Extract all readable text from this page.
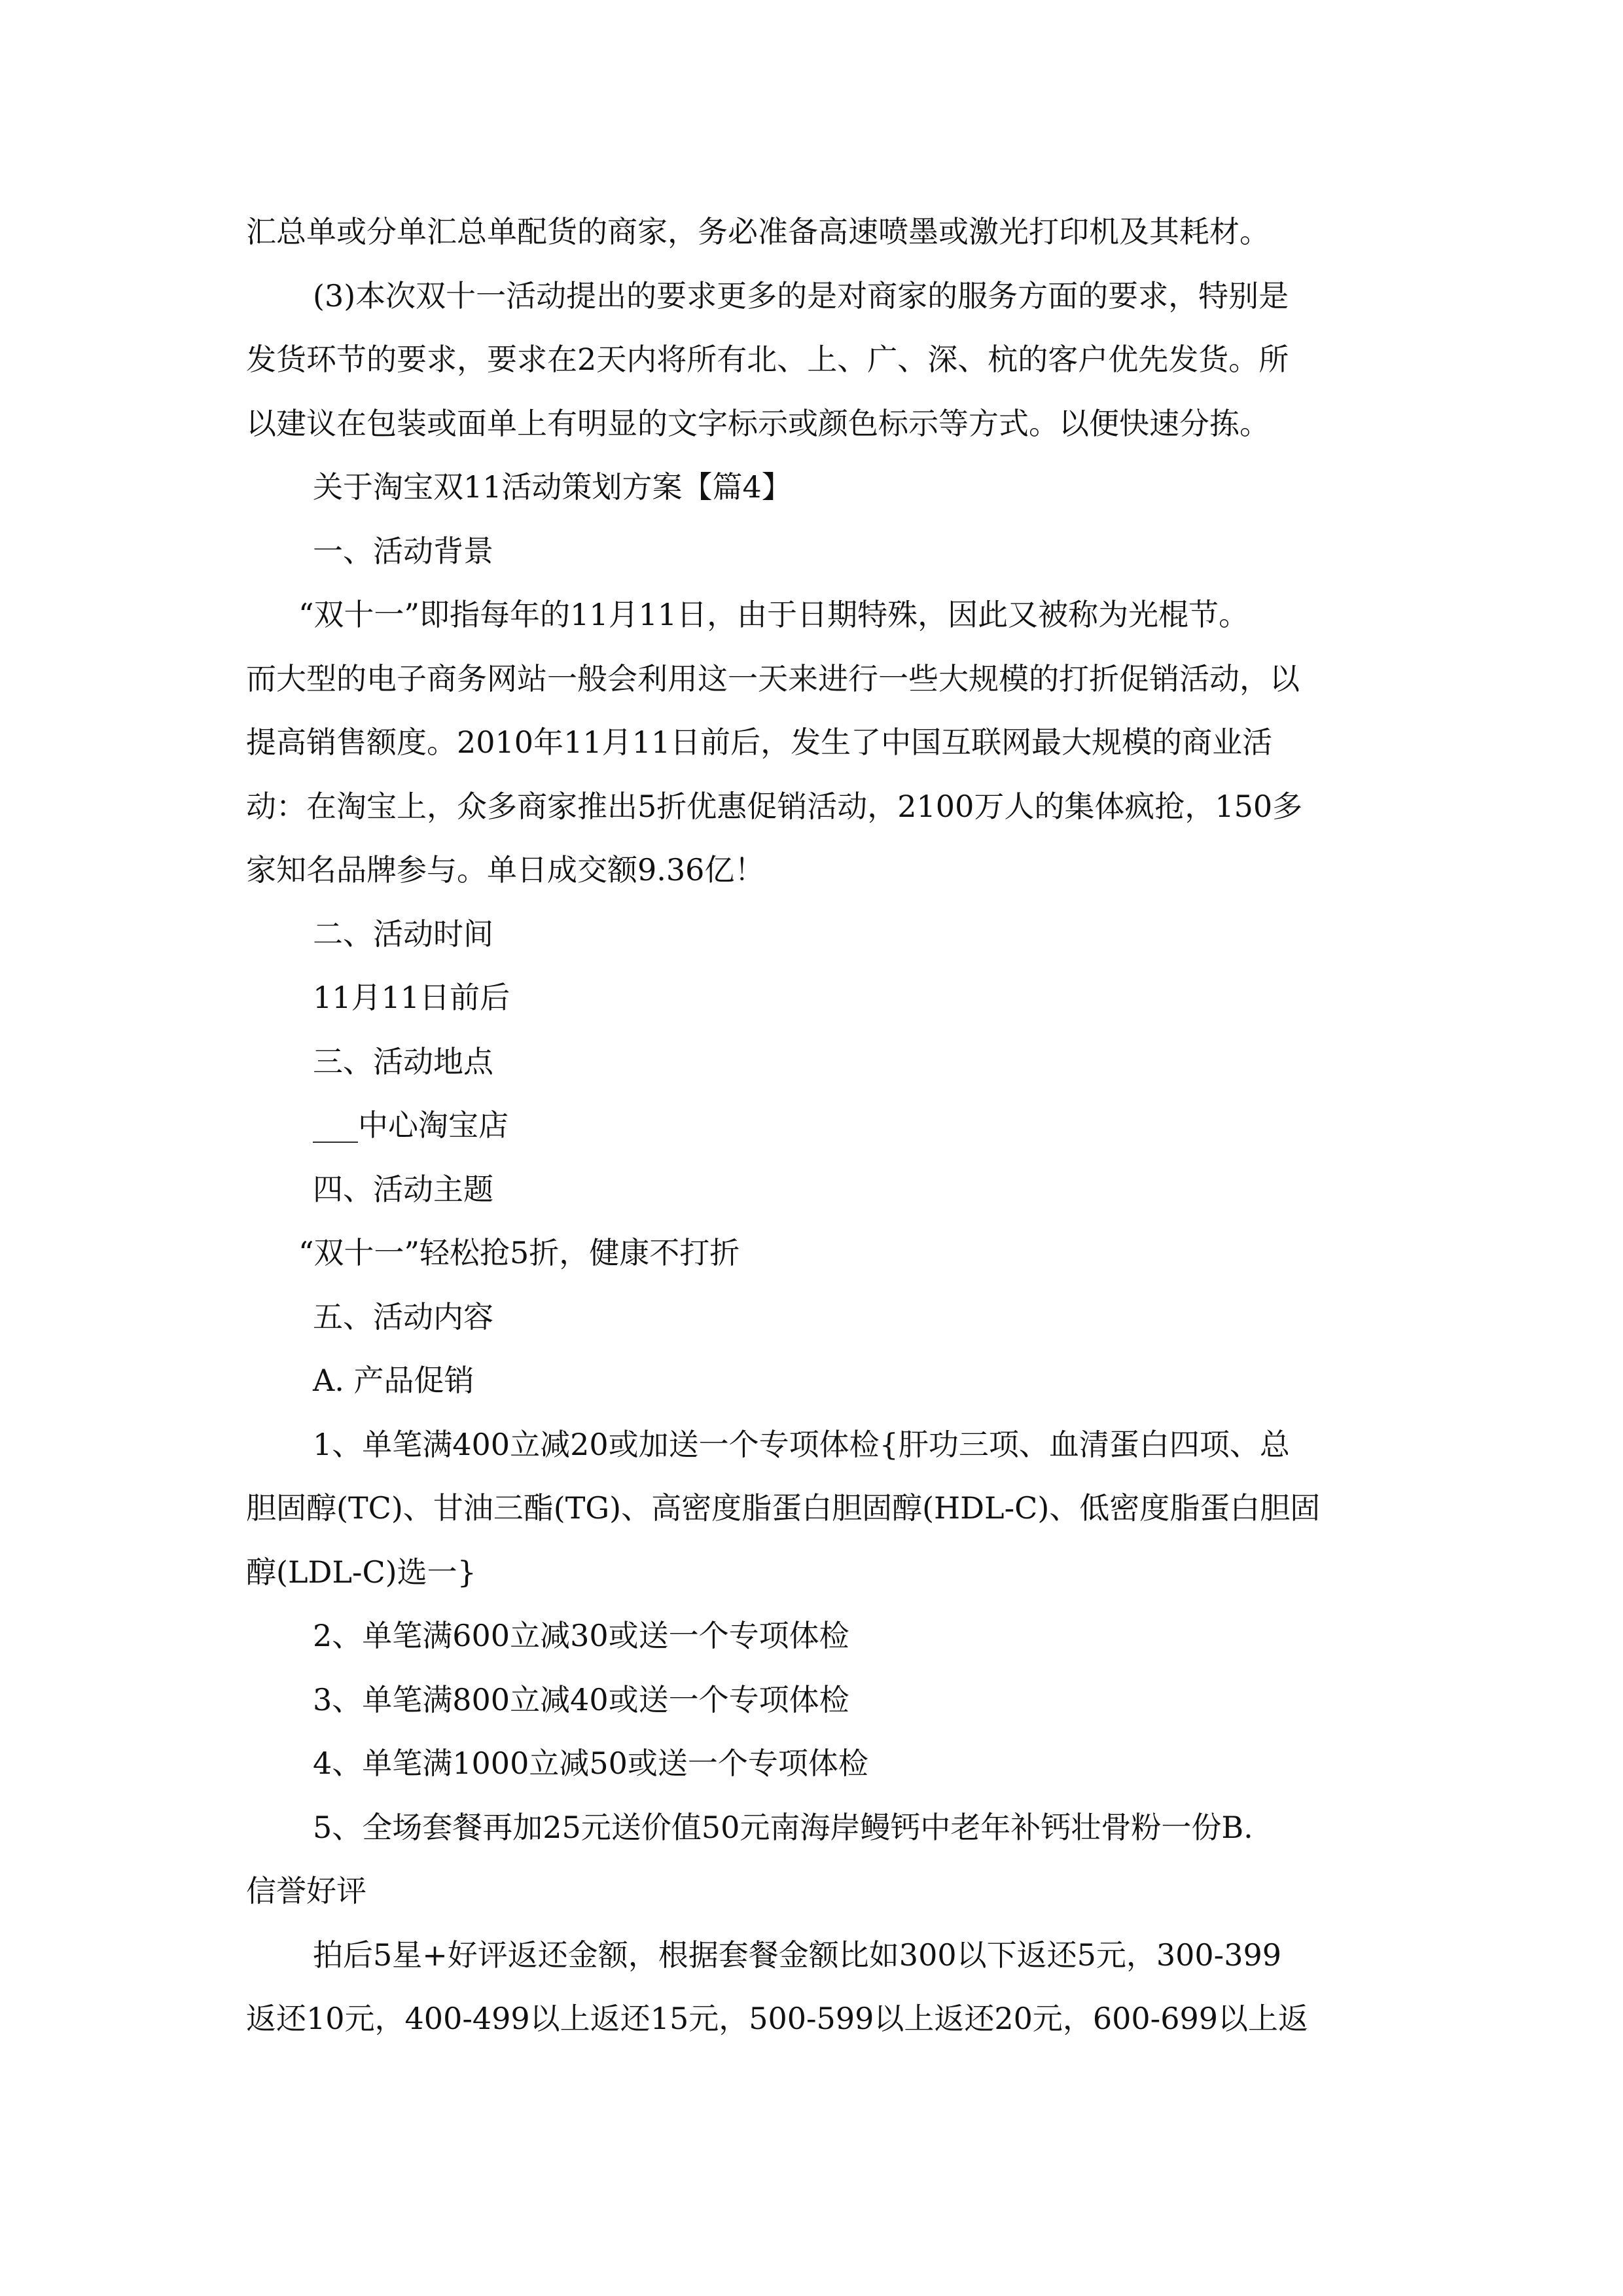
汇总单或分单汇总单配货的商家，务必准备高速喷墨或激光打印机及其耗材。
(3)本次双十一活动提出的要求更多的是对商家的服务方面的要求，特别是
发货环节的要求，要求在2天内将所有北、上、广、深、杭的客户优先发货。所
以建议在包装或面单上有明显的文字标示或颜色标示等方式。以便快速分拣。
关于淘宝双11活动策划方案【篇4】
一、活动背景
“双十一”即指每年的11月11日，由于日期特殊，因此又被称为光棍节。
而大型的电子商务网站一般会利用这一天来进行一些大规模的打折促销活动，以
提高销售额度。2010年11月11日前后，发生了中国互联网最大规模的商业活
动：在淘宝上，众多商家推出5折优惠促销活动，2100万人的集体疯抢，150多
家知名品牌参与。单日成交额9.36亿！
二、活动时间
11月11日前后
三、活动地点
___中心淘宝店
四、活动主题
“双十一”轻松抢5折，健康不打折
五、活动内容
A. 产品促销
1、单笔满400立减20或加送一个专项体检{肝功三项、血清蛋白四项、总
胆固醇(TC)、甘油三酯(TG)、高密度脂蛋白胆固醇(HDL-C)、低密度脂蛋白胆固
醇(LDL-C)选一}
2、单笔满600立减30或送一个专项体检
3、单笔满800立减40或送一个专项体检
4、单笔满1000立减50或送一个专项体检
5、全场套餐再加25元送价值50元南海岸鳗钙中老年补钙壮骨粉一份B.
信誉好评
拍后5星+好评返还金额，根据套餐金额比如300以下返还5元，300-399
返还10元，400-499以上返还15元，500-599以上返还20元，600-699以上返
